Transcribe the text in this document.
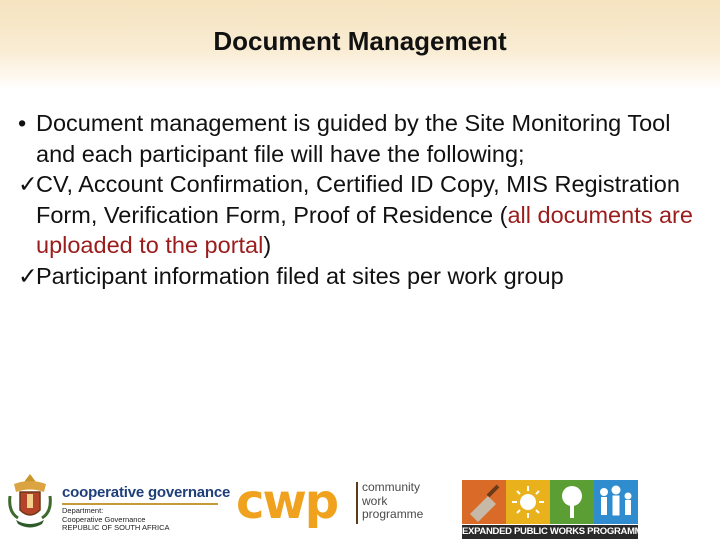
Document Management
• Document management is guided by the Site Monitoring Tool and each participant file will have the following;
✓
CV, Account Confirmation, Certified ID Copy, MIS Registration Form, Verification Form, Proof of Residence (all documents are uploaded to the portal)
✓
Participant information filed at sites per work group
cooperative governance
Department:
Cooperative Governance
REPUBLIC OF SOUTH AFRICA cwp community
work
programme
EXPANDED PUBLIC WORKS PROGRAMME
